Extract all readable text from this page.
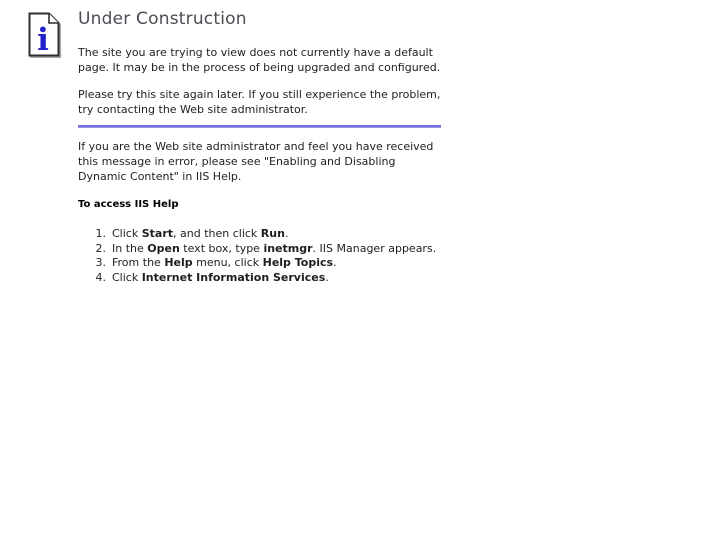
i
Under Construction

The site you are trying to view does not currently have a default page. It may be in the process of being upgraded and configured.

Please try this site again later. If you still experience the problem, try contacting the Web site administrator.

If you are the Web site administrator and feel you have received this message in error, please see "Enabling and Disabling Dynamic Content" in IIS Help.

To access IIS Help
1. Click Start, and then click Run.
2. In the Open text box, type inetmgr. IIS Manager appears.
3. From the Help menu, click Help Topics.
4. Click Internet Information Services.
